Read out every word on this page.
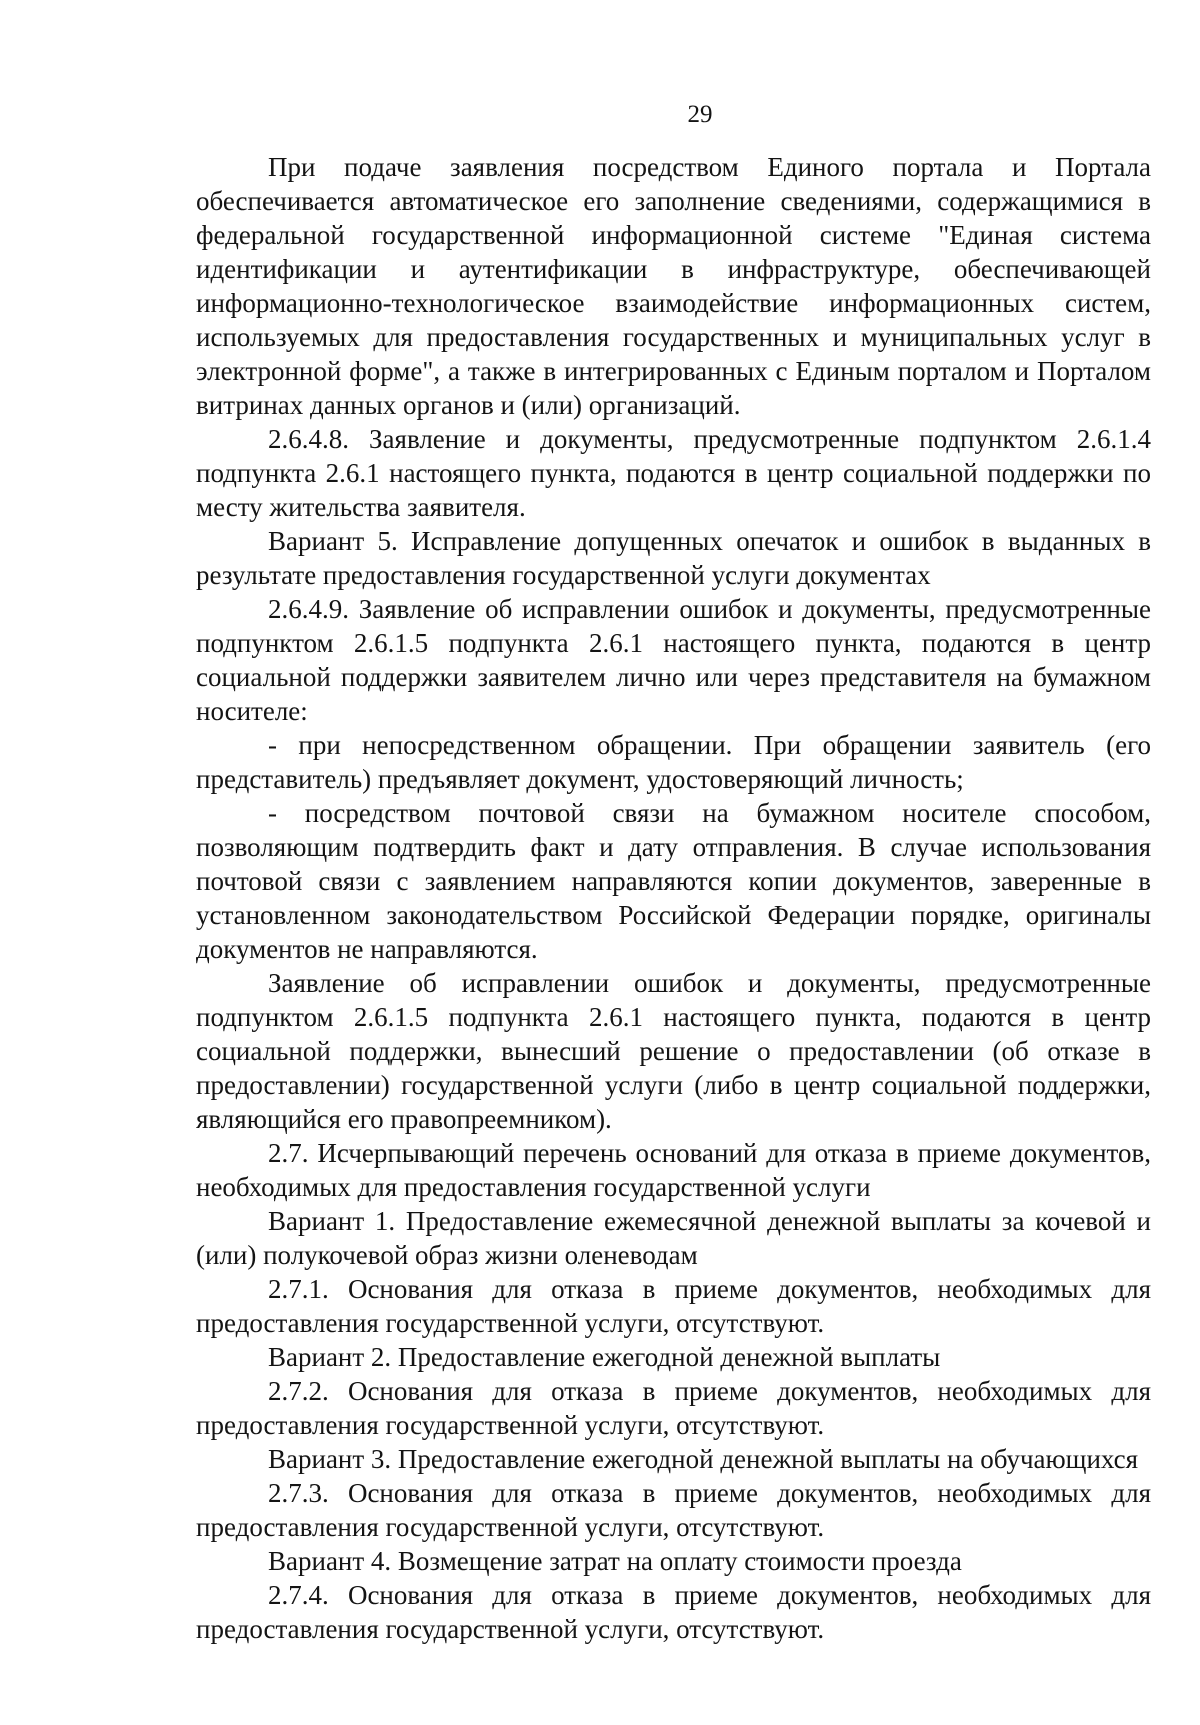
29

При подаче заявления посредством Единого портала и Портала обеспечивается автоматическое его заполнение сведениями, содержащимися в федеральной государственной информационной системе "Единая система идентификации и аутентификации в инфраструктуре, обеспечивающей информационно-технологическое взаимодействие информационных систем, используемых для предоставления государственных и муниципальных услуг в электронной форме", а также в интегрированных с Единым порталом и Порталом витринах данных органов и (или) организаций.

2.6.4.8. Заявление и документы, предусмотренные подпунктом 2.6.1.4 подпункта 2.6.1 настоящего пункта, подаются в центр социальной поддержки по месту жительства заявителя.

Вариант 5. Исправление допущенных опечаток и ошибок в выданных в результате предоставления государственной услуги документах

2.6.4.9. Заявление об исправлении ошибок и документы, предусмотренные подпунктом 2.6.1.5 подпункта 2.6.1 настоящего пункта, подаются в центр социальной поддержки заявителем лично или через представителя на бумажном носителе:

- при непосредственном обращении. При обращении заявитель (его представитель) предъявляет документ, удостоверяющий личность;

- посредством почтовой связи на бумажном носителе способом, позволяющим подтвердить факт и дату отправления. В случае использования почтовой связи с заявлением направляются копии документов, заверенные в установленном законодательством Российской Федерации порядке, оригиналы документов не направляются.

Заявление об исправлении ошибок и документы, предусмотренные подпунктом 2.6.1.5 подпункта 2.6.1 настоящего пункта, подаются в центр социальной поддержки, вынесший решение о предоставлении (об отказе в предоставлении) государственной услуги (либо в центр социальной поддержки, являющийся его правопреемником).

2.7. Исчерпывающий перечень оснований для отказа в приеме документов, необходимых для предоставления государственной услуги

Вариант 1. Предоставление ежемесячной денежной выплаты за кочевой и (или) полукочевой образ жизни оленеводам

2.7.1. Основания для отказа в приеме документов, необходимых для предоставления государственной услуги, отсутствуют.

Вариант 2. Предоставление ежегодной денежной выплаты

2.7.2. Основания для отказа в приеме документов, необходимых для предоставления государственной услуги, отсутствуют.

Вариант 3. Предоставление ежегодной денежной выплаты на обучающихся

2.7.3. Основания для отказа в приеме документов, необходимых для предоставления государственной услуги, отсутствуют.

Вариант 4. Возмещение затрат на оплату стоимости проезда

2.7.4. Основания для отказа в приеме документов, необходимых для предоставления государственной услуги, отсутствуют.
